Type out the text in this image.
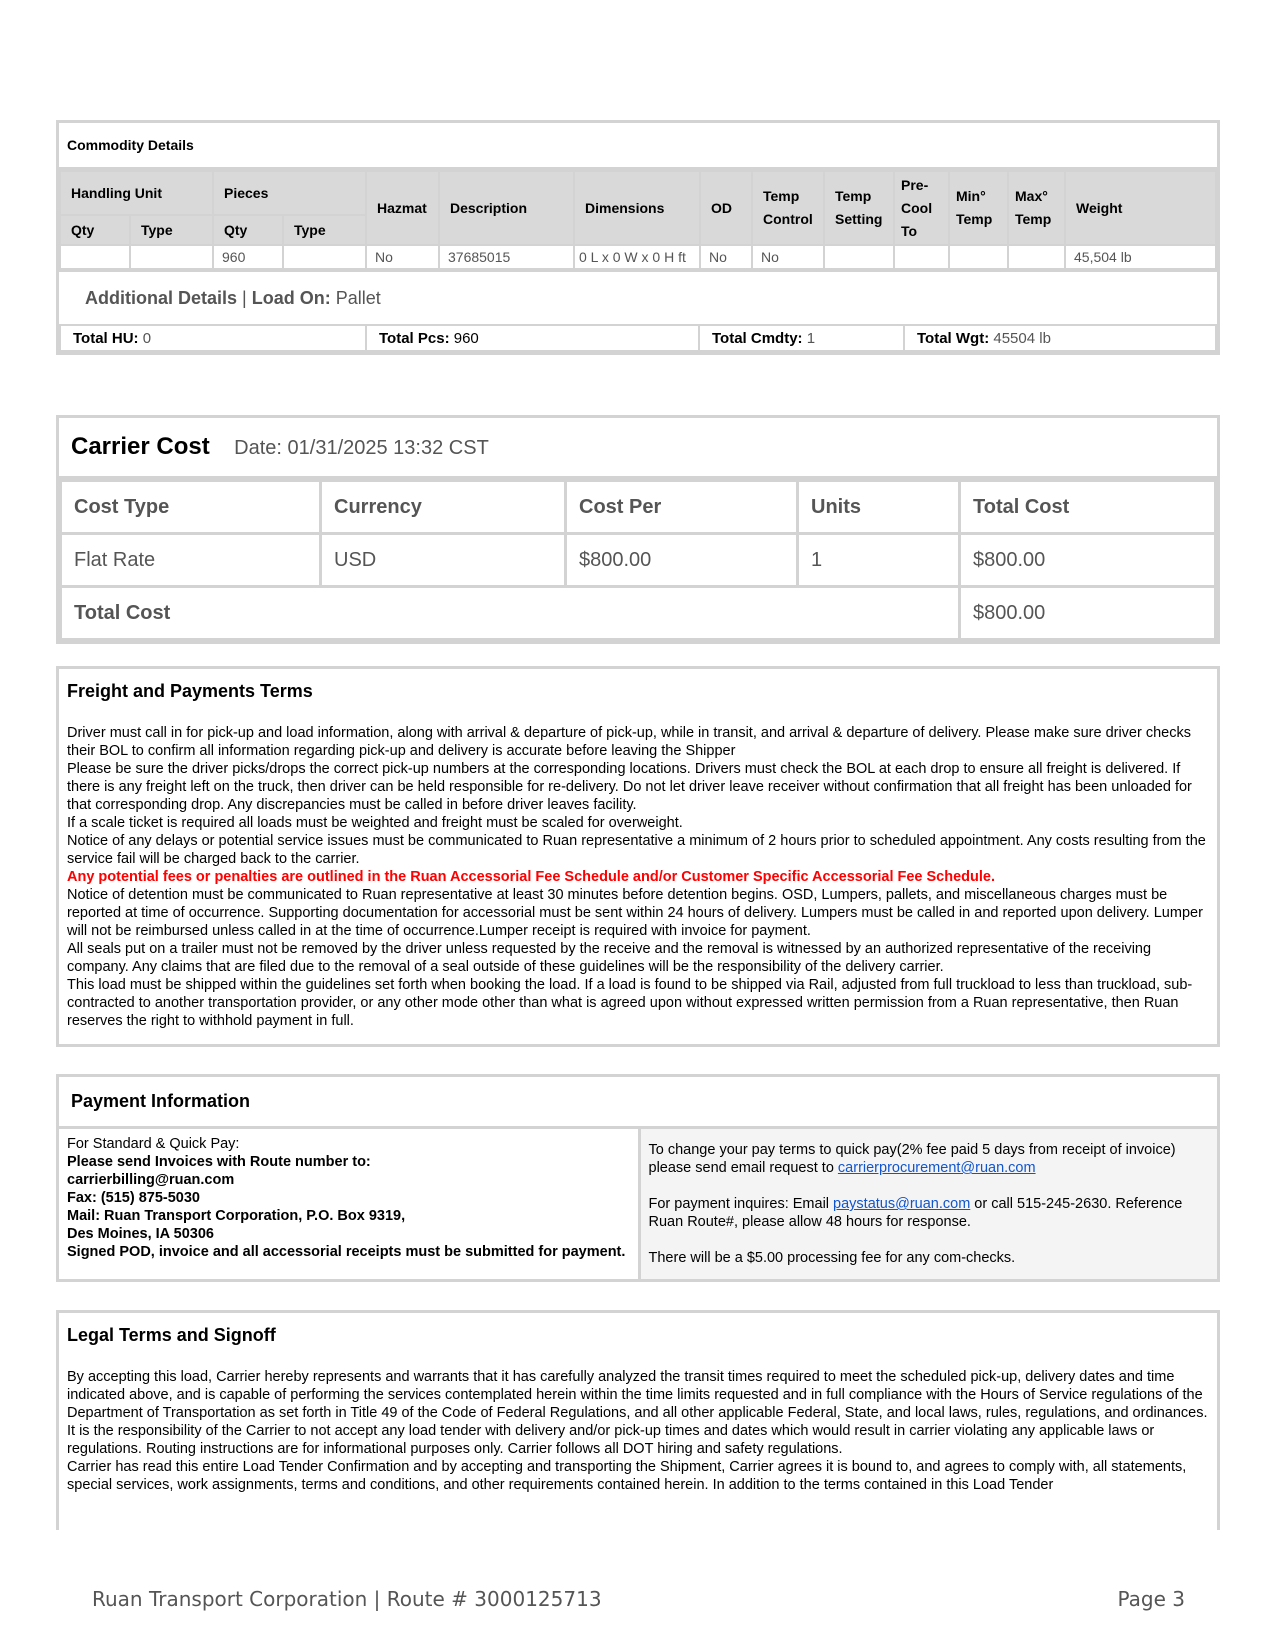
Commodity Details
Handling Unit		Pieces		Hazmat	Description	Dimensions	OD	Temp Control	Temp Setting	Pre-Cool To	Min° Temp	Max° Temp	Weight
Qty	Type	Qty	Type										
		960		No	37685015	0 L x 0 W x 0 H ft	No	No					45,504 lb
Additional Details | Load On: Pallet
Total HU: 0	Total Pcs: 960	Total Cmdty: 1	Total Wgt: 45504 lb
Carrier Cost Date: 01/31/2025 13:32 CST
Cost Type	Currency	Cost Per	Units	Total Cost
Flat Rate	USD	$800.00	1	$800.00
Total Cost				$800.00
Freight and Payments Terms
Driver must call in for pick-up and load information, along with arrival & departure of pick-up, while in transit, and arrival & departure of delivery. Please make sure driver checks their BOL to confirm all information regarding pick-up and delivery is accurate before leaving the Shipper
Please be sure the driver picks/drops the correct pick-up numbers at the corresponding locations. Drivers must check the BOL at each drop to ensure all freight is delivered. If there is any freight left on the truck, then driver can be held responsible for re-delivery. Do not let driver leave receiver without confirmation that all freight has been unloaded for that corresponding drop. Any discrepancies must be called in before driver leaves facility.
If a scale ticket is required all loads must be weighted and freight must be scaled for overweight.
Notice of any delays or potential service issues must be communicated to Ruan representative a minimum of 2 hours prior to scheduled appointment. Any costs resulting from the service fail will be charged back to the carrier.
Any potential fees or penalties are outlined in the Ruan Accessorial Fee Schedule and/or Customer Specific Accessorial Fee Schedule.
Notice of detention must be communicated to Ruan representative at least 30 minutes before detention begins. OSD, Lumpers, pallets, and miscellaneous charges must be reported at time of occurrence. Supporting documentation for accessorial must be sent within 24 hours of delivery. Lumpers must be called in and reported upon delivery. Lumper will not be reimbursed unless called in at the time of occurrence.Lumper receipt is required with invoice for payment.
All seals put on a trailer must not be removed by the driver unless requested by the receive and the removal is witnessed by an authorized representative of the receiving company. Any claims that are filed due to the removal of a seal outside of these guidelines will be the responsibility of the delivery carrier.
This load must be shipped within the guidelines set forth when booking the load. If a load is found to be shipped via Rail, adjusted from full truckload to less than truckload, sub-contracted to another transportation provider, or any other mode other than what is agreed upon without expressed written permission from a Ruan representative, then Ruan reserves the right to withhold payment in full.
Payment Information
For Standard & Quick Pay:
Please send Invoices with Route number to:
carrierbilling@ruan.com
Fax: (515) 875-5030
Mail: Ruan Transport Corporation, P.O. Box 9319,
Des Moines, IA 50306
Signed POD, invoice and all accessorial receipts must be submitted for payment.

To change your pay terms to quick pay(2% fee paid 5 days from receipt of invoice) please send email request to carrierprocurement@ruan.com
For payment inquires: Email paystatus@ruan.com or call 515-245-2630. Reference Ruan Route#, please allow 48 hours for response.
There will be a $5.00 processing fee for any com-checks.
Legal Terms and Signoff
By accepting this load, Carrier hereby represents and warrants that it has carefully analyzed the transit times required to meet the scheduled pick-up, delivery dates and time indicated above, and is capable of performing the services contemplated herein within the time limits requested and in full compliance with the Hours of Service regulations of the Department of Transportation as set forth in Title 49 of the Code of Federal Regulations, and all other applicable Federal, State, and local laws, rules, regulations, and ordinances. It is the responsibility of the Carrier to not accept any load tender with delivery and/or pick-up times and dates which would result in carrier violating any applicable laws or regulations. Routing instructions are for informational purposes only. Carrier follows all DOT hiring and safety regulations.
Carrier has read this entire Load Tender Confirmation and by accepting and transporting the Shipment, Carrier agrees it is bound to, and agrees to comply with, all statements, special services, work assignments, terms and conditions, and other requirements contained herein. In addition to the terms contained in this Load Tender
Ruan Transport Corporation | Route # 3000125713	Page 3
